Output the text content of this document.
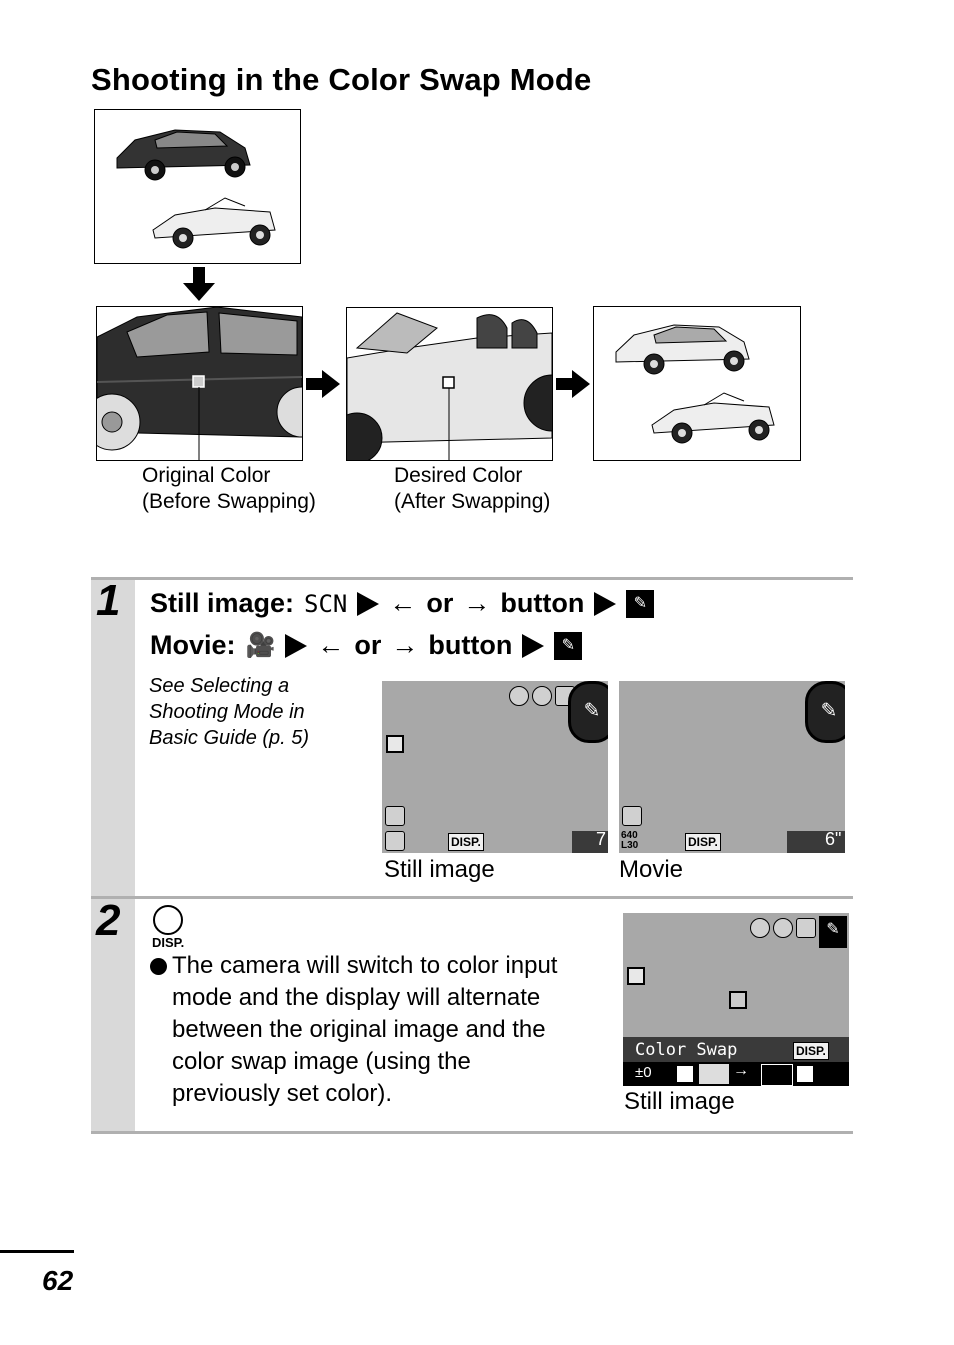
Shooting in the Color Swap Mode
Original Color
(Before Swapping)
Desired Color
(After Swapping)
1 Still image: SCN ← or → button	✎
Movie: 🎥 ← or → button	✎
See Selecting a
Shooting Mode in
Basic Guide (p. 5)
✎
DISP.	7
Still image
✎
640 L30	DISP.	6"
Movie
2 DISP.
The camera will switch to color input
mode and the display will alternate
between the original image and the
color swap image (using the
previously set color).
✎
Color Swap	DISP.
±0	→
Still image
62
